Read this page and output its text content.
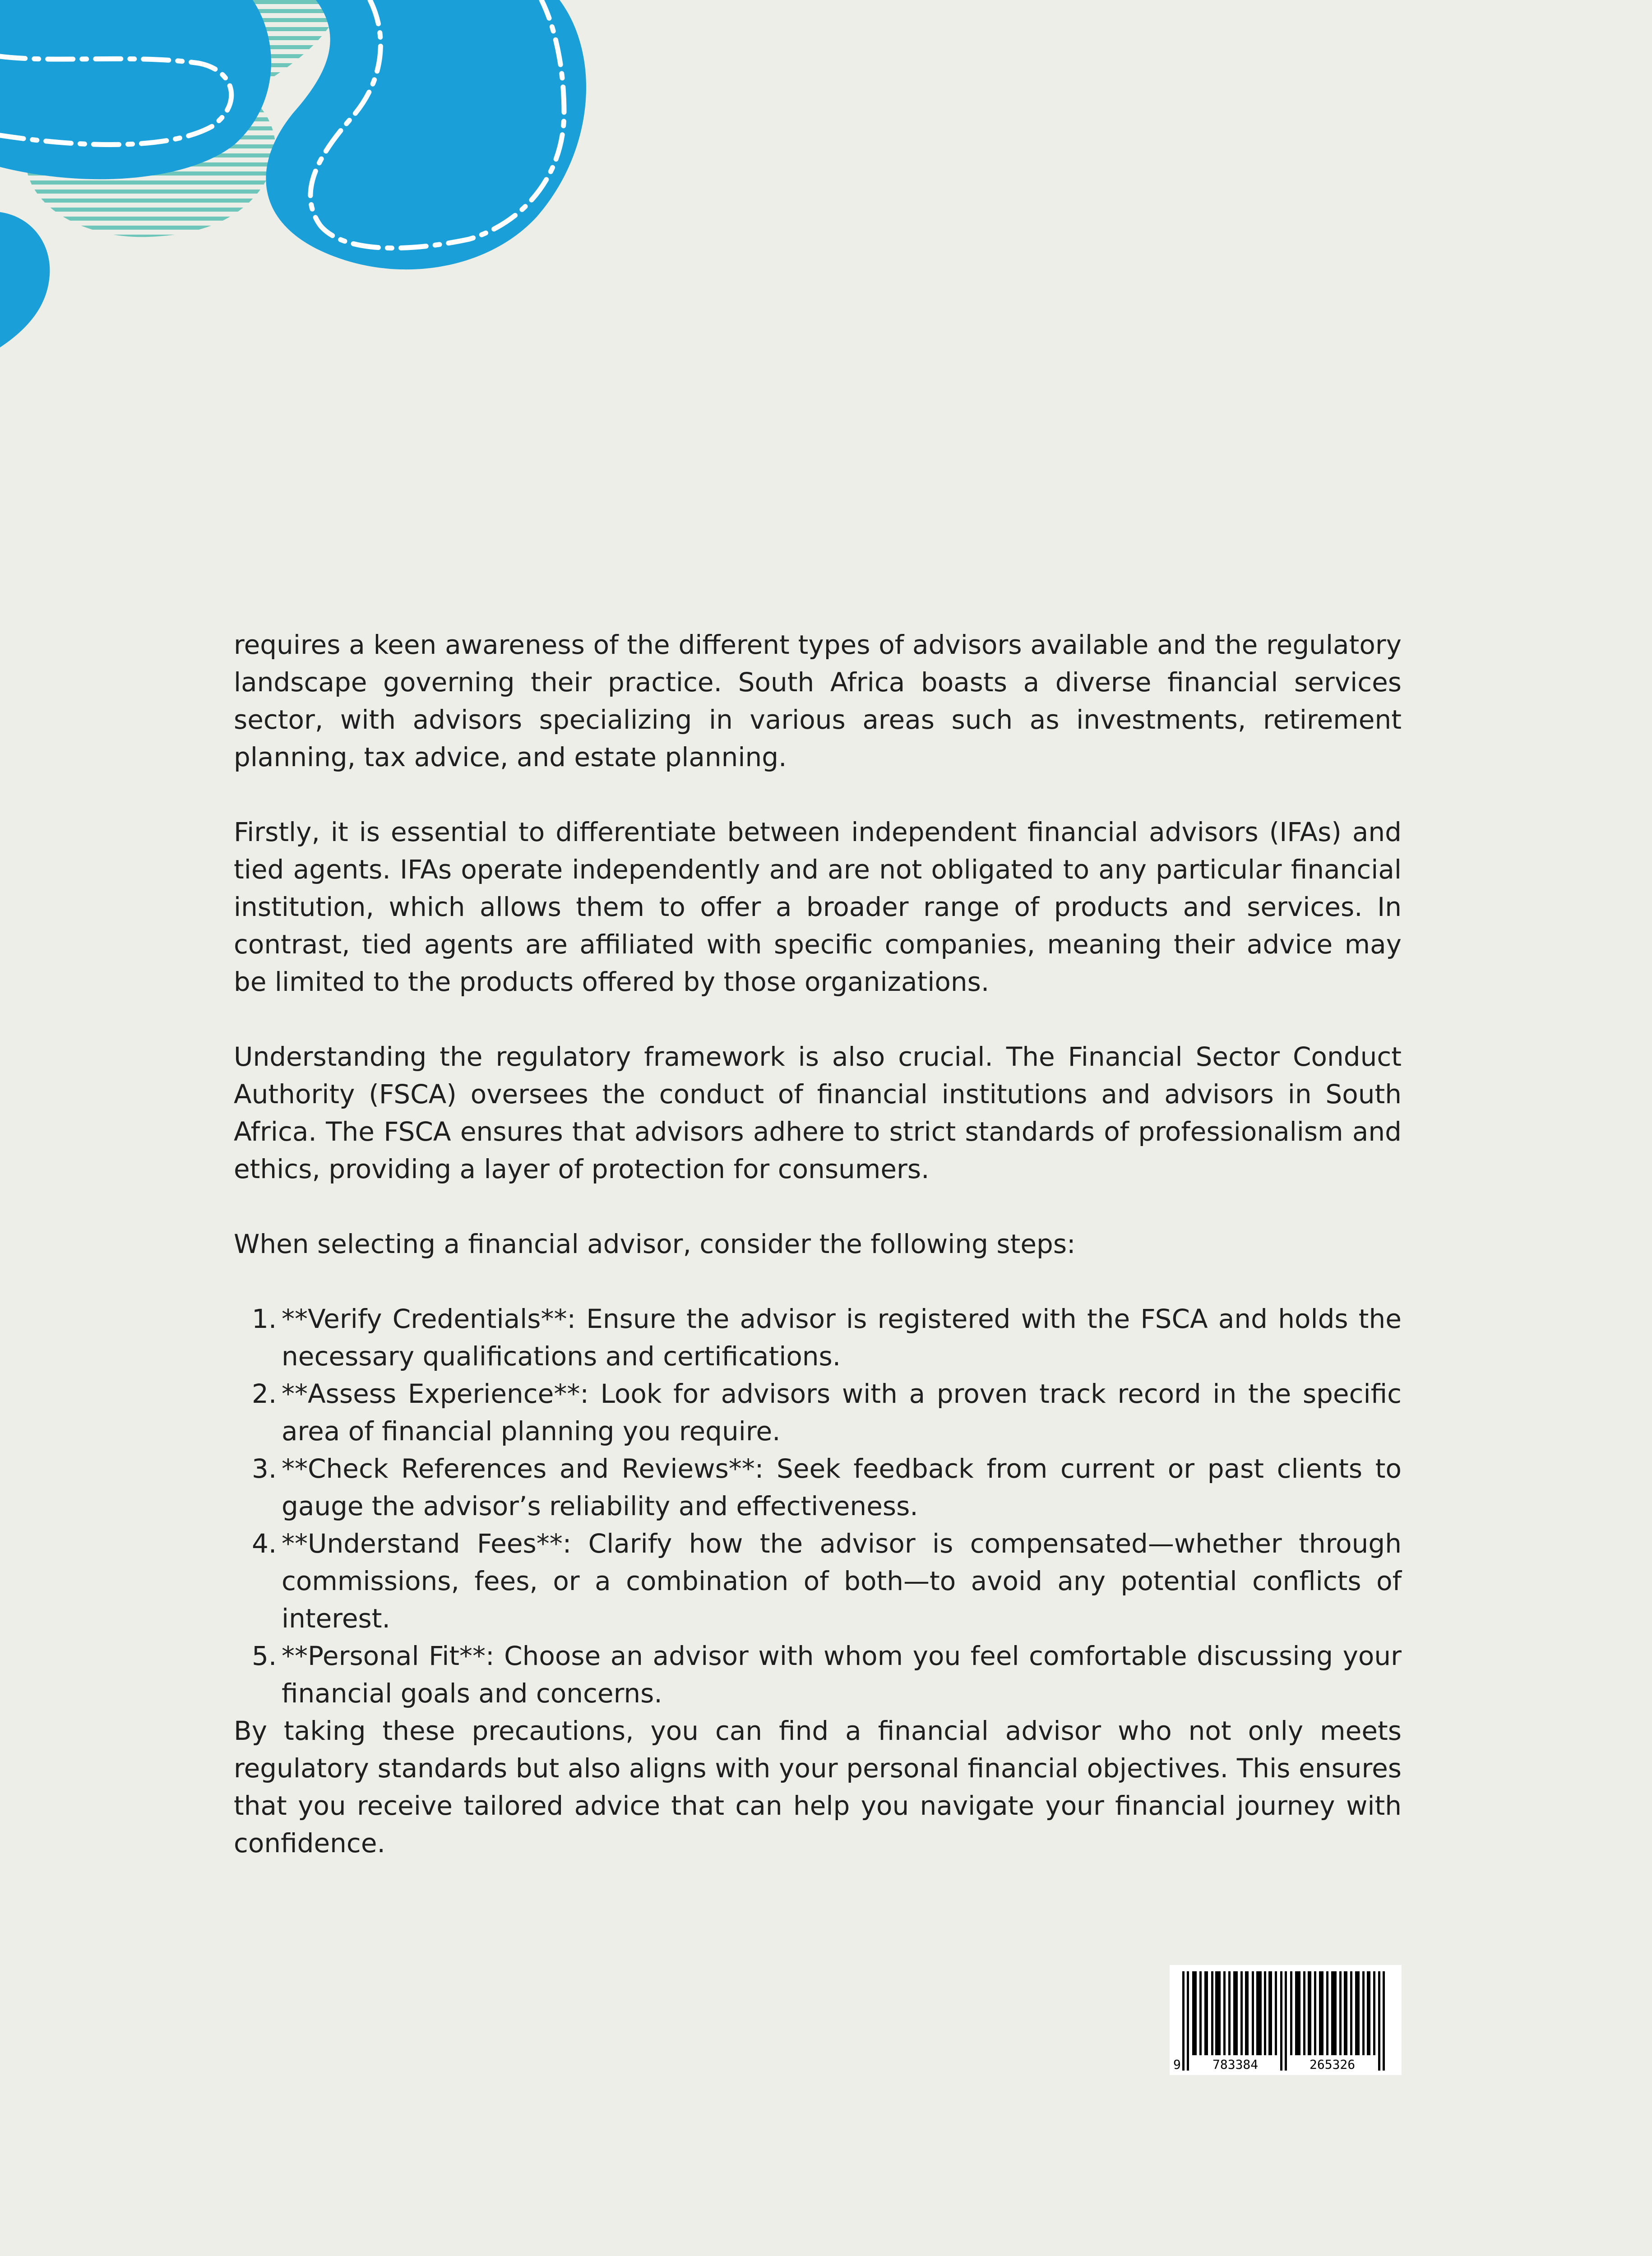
requires a keen awareness of the different types of advisors available and the regulatory landscape governing their practice. South Africa boasts a diverse financial services sector, with advisors specializing in various areas such as investments, retirement planning, tax advice, and estate planning.

Firstly, it is essential to differentiate between independent financial advisors (IFAs) and tied agents. IFAs operate independently and are not obligated to any particular financial institution, which allows them to offer a broader range of products and services. In contrast, tied agents are affiliated with specific companies, meaning their advice may be limited to the products offered by those organizations.

Understanding the regulatory framework is also crucial. The Financial Sector Conduct Authority (FSCA) oversees the conduct of financial institutions and advisors in South Africa. The FSCA ensures that advisors adhere to strict standards of professionalism and ethics, providing a layer of protection for consumers.

When selecting a financial advisor, consider the following steps:

1. **Verify Credentials**: Ensure the advisor is registered with the FSCA and holds the necessary qualifications and certifications.
2. **Assess Experience**: Look for advisors with a proven track record in the specific area of financial planning you require.
3. **Check References and Reviews**: Seek feedback from current or past clients to gauge the advisor’s reliability and effectiveness.
4. **Understand Fees**: Clarify how the advisor is compensated—whether through commissions, fees, or a combination of both—to avoid any potential conflicts of interest.
5. **Personal Fit**: Choose an advisor with whom you feel comfortable discussing your financial goals and concerns.

By taking these precautions, you can find a financial advisor who not only meets regulatory standards but also aligns with your personal financial objectives. This ensures that you receive tailored advice that can help you navigate your financial journey with confidence.

9	783384	265326
